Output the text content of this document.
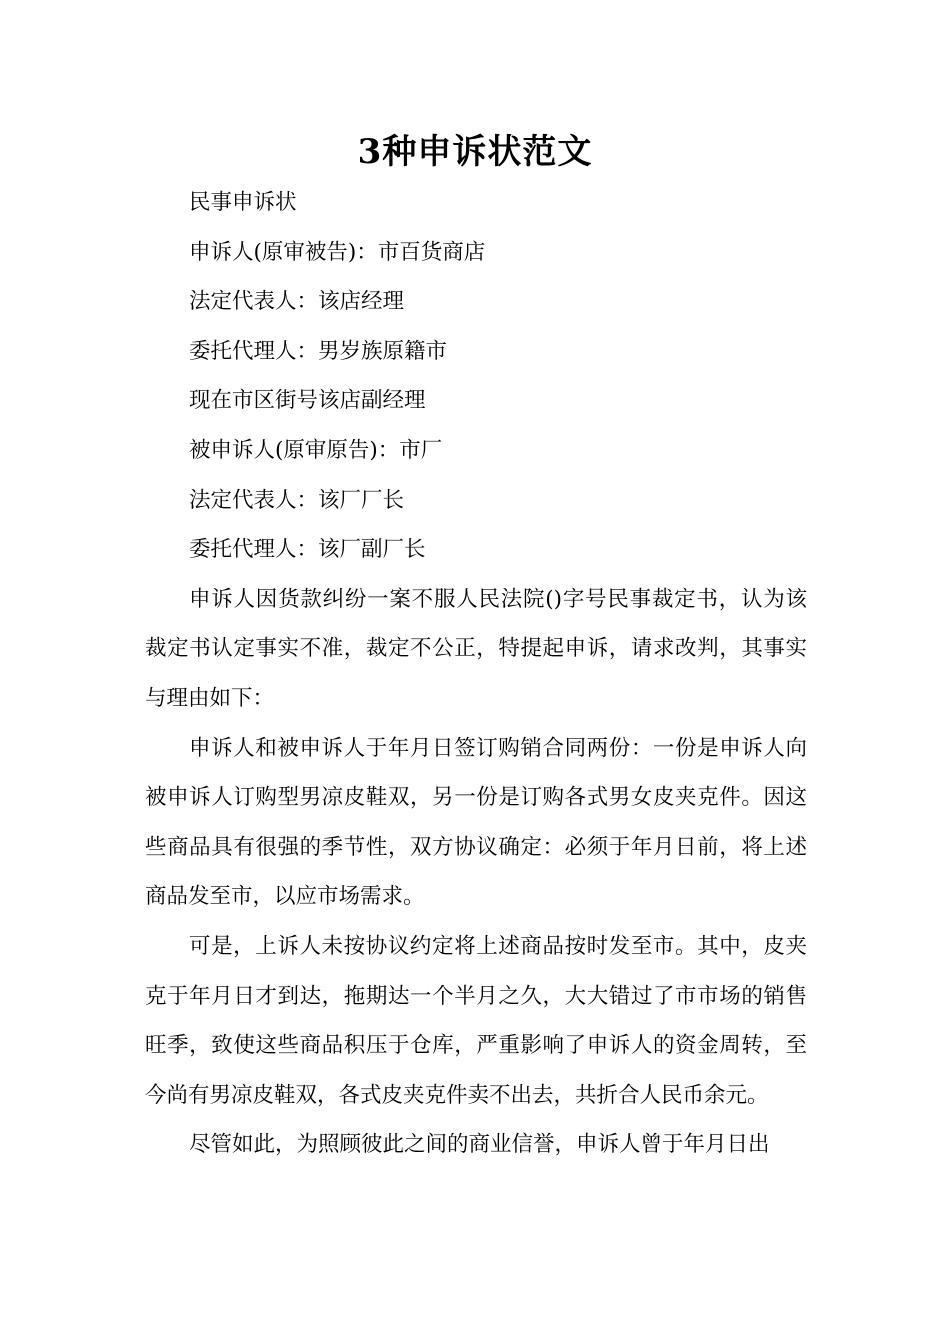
3种申诉状范文

民事申诉状

申诉人(原审被告)：市百货商店

法定代表人：该店经理

委托代理人：男岁族原籍市

现在市区街号该店副经理

被申诉人(原审原告)：市厂

法定代表人：该厂厂长

委托代理人：该厂副厂长

申诉人因货款纠纷一案不服人民法院()字号民事裁定书，认为该裁定书认定事实不准，裁定不公正，特提起申诉，请求改判，其事实与理由如下：

申诉人和被申诉人于年月日签订购销合同两份：一份是申诉人向被申诉人订购型男凉皮鞋双，另一份是订购各式男女皮夹克件。因这些商品具有很强的季节性，双方协议确定：必须于年月日前，将上述商品发至市，以应市场需求。

可是，上诉人未按协议约定将上述商品按时发至市。其中，皮夹克于年月日才到达，拖期达一个半月之久，大大错过了市市场的销售旺季，致使这些商品积压于仓库，严重影响了申诉人的资金周转，至今尚有男凉皮鞋双，各式皮夹克件卖不出去，共折合人民币余元。

尽管如此，为照顾彼此之间的商业信誉，申诉人曾于年月日出
